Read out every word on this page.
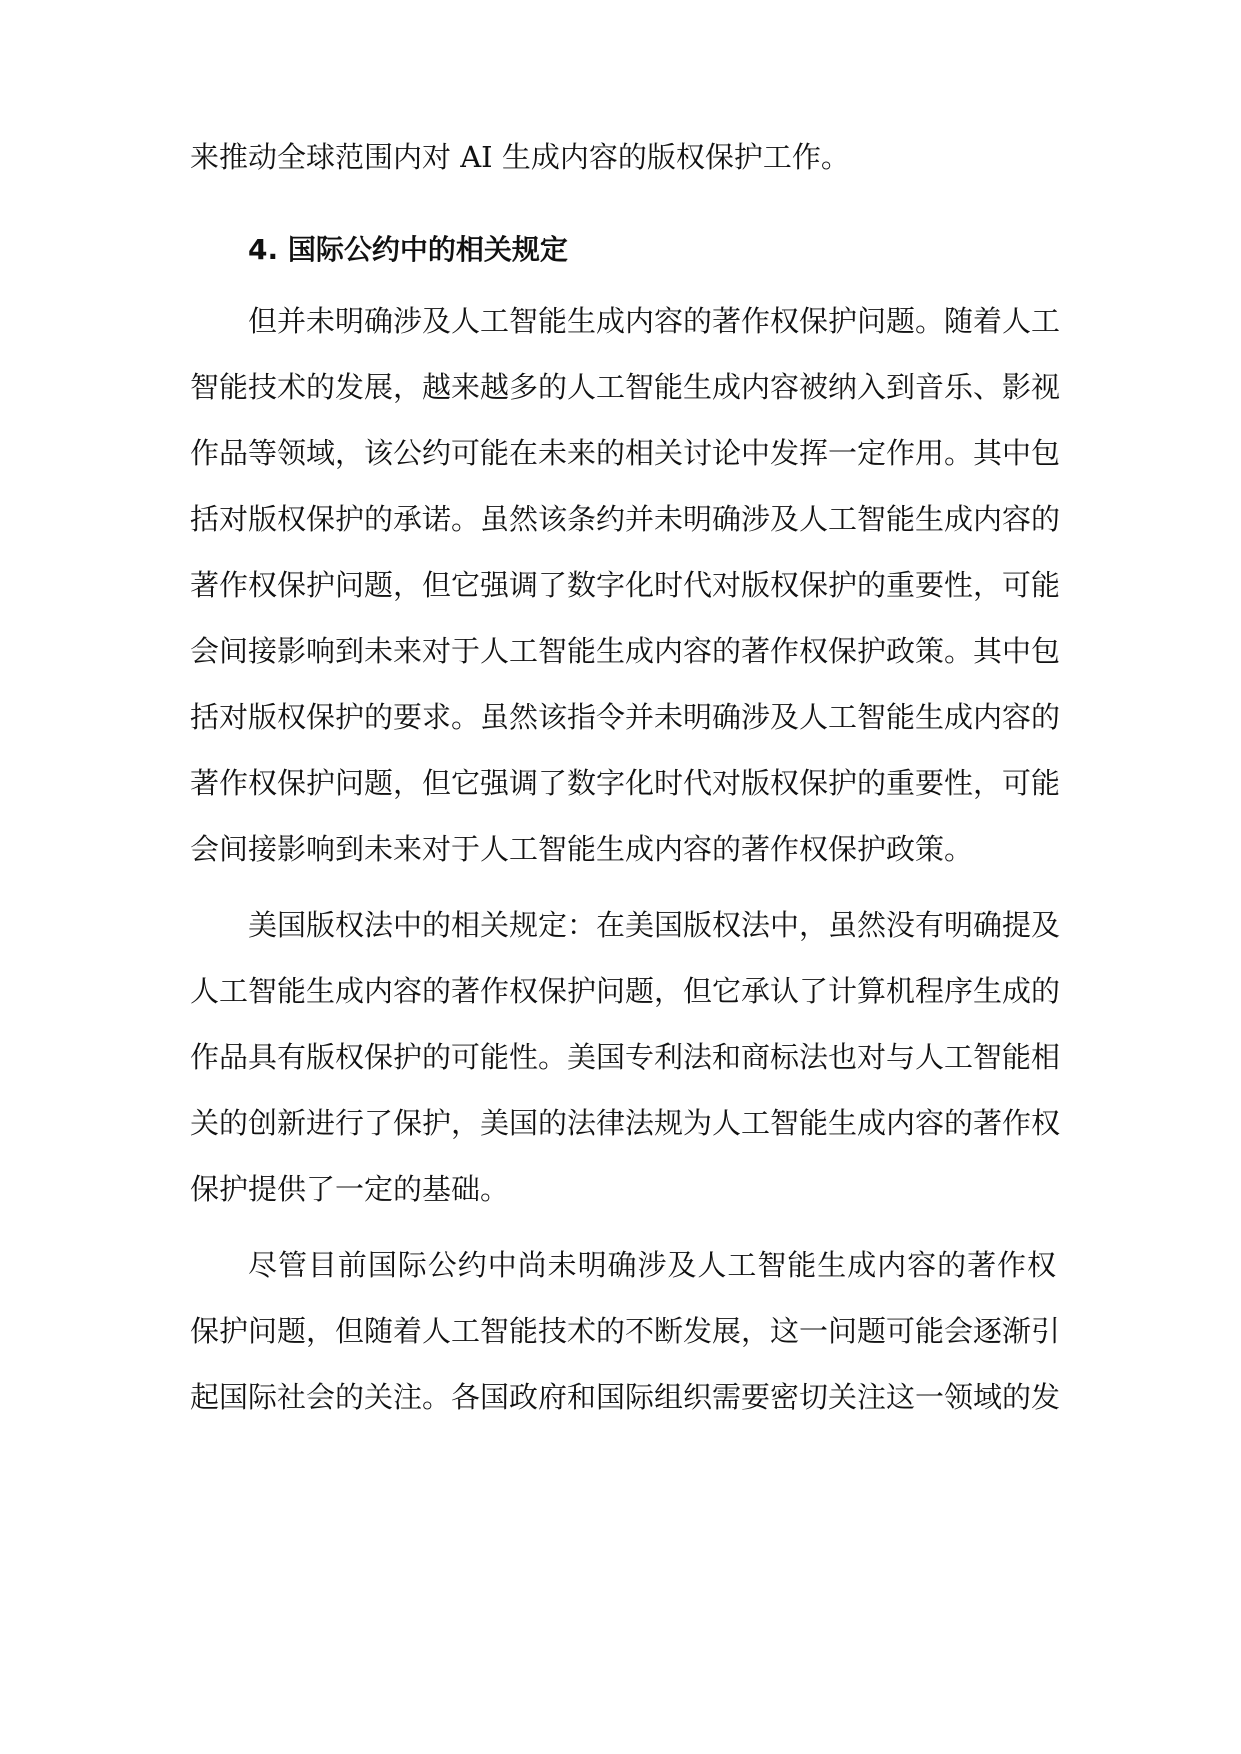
来推动全球范围内对 AI 生成内容的版权保护工作。
4. 国际公约中的相关规定
但并未明确涉及人工智能生成内容的著作权保护问题。随着人工
智能技术的发展，越来越多的人工智能生成内容被纳入到音乐、影视
作品等领域，该公约可能在未来的相关讨论中发挥一定作用。其中包
括对版权保护的承诺。虽然该条约并未明确涉及人工智能生成内容的
著作权保护问题，但它强调了数字化时代对版权保护的重要性，可能
会间接影响到未来对于人工智能生成内容的著作权保护政策。其中包
括对版权保护的要求。虽然该指令并未明确涉及人工智能生成内容的
著作权保护问题，但它强调了数字化时代对版权保护的重要性，可能
会间接影响到未来对于人工智能生成内容的著作权保护政策。
美国版权法中的相关规定：在美国版权法中，虽然没有明确提及
人工智能生成内容的著作权保护问题，但它承认了计算机程序生成的
作品具有版权保护的可能性。美国专利法和商标法也对与人工智能相
关的创新进行了保护，美国的法律法规为人工智能生成内容的著作权
保护提供了一定的基础。
尽管目前国际公约中尚未明确涉及人工智能生成内容的著作权
保护问题，但随着人工智能技术的不断发展，这一问题可能会逐渐引
起国际社会的关注。各国政府和国际组织需要密切关注这一领域的发
